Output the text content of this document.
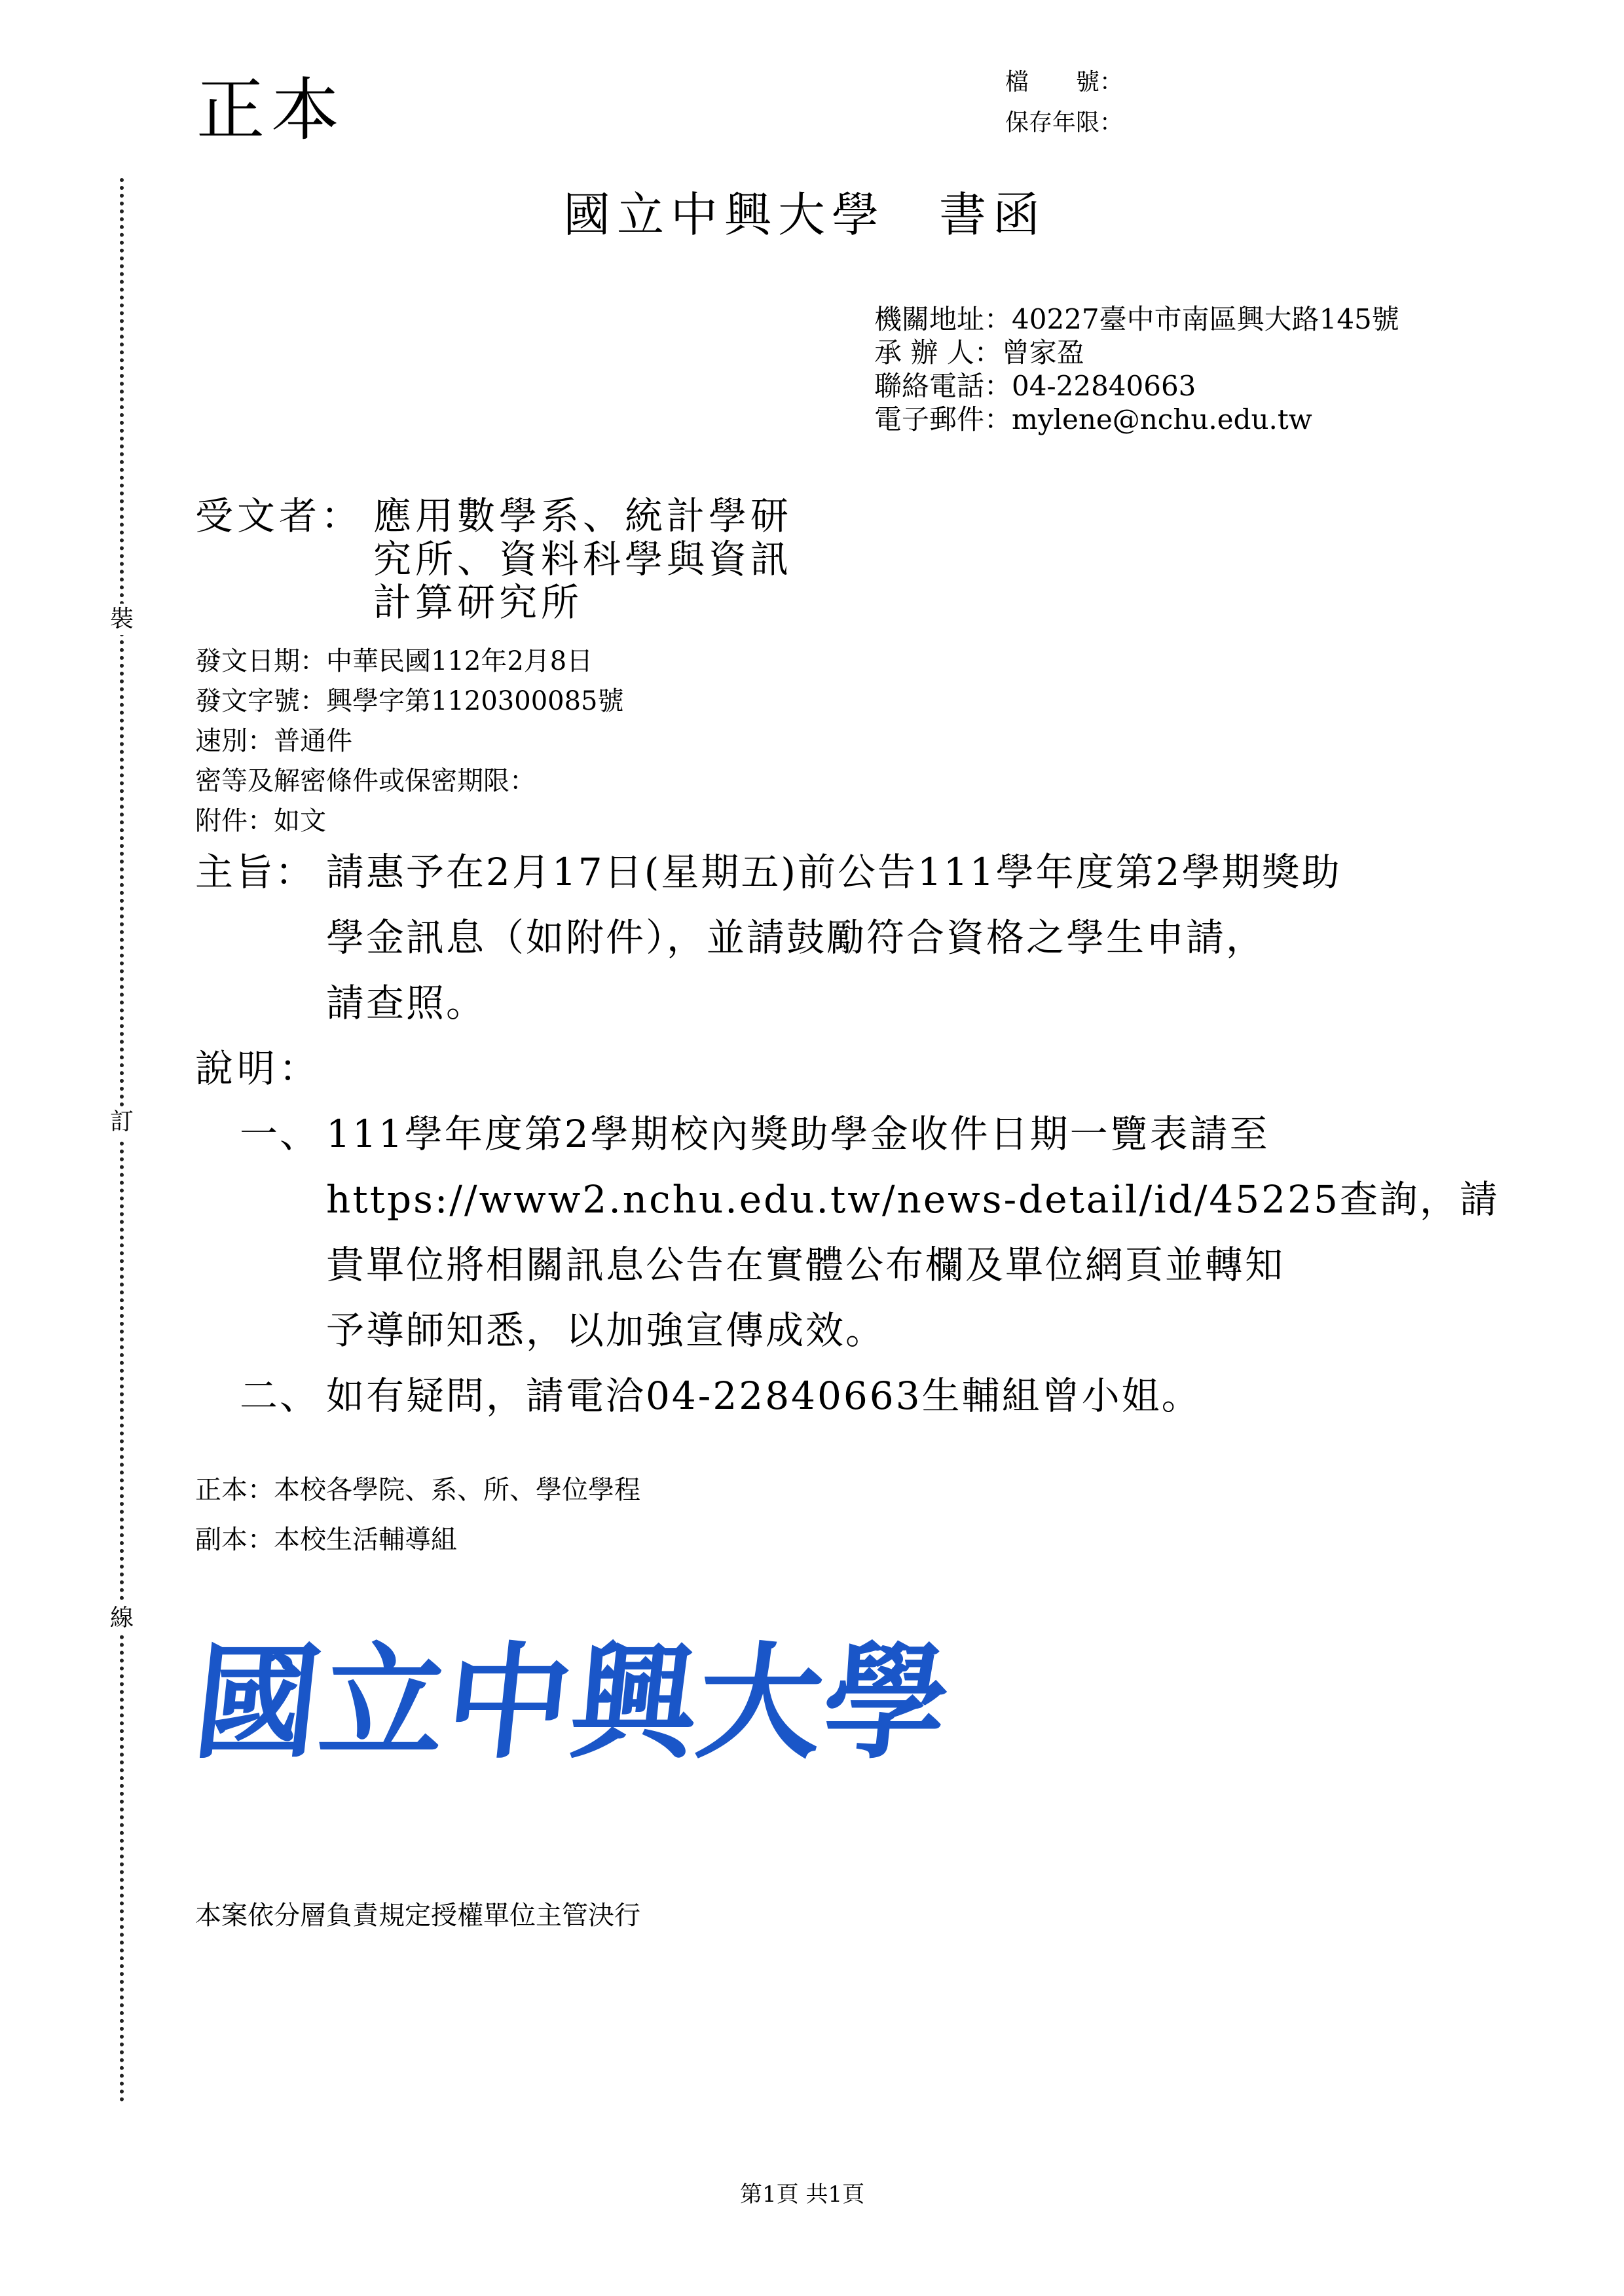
裝
訂
線
正本	檔　　號：
保存年限：
國立中興大學　書函
機關地址：40227臺中市南區興大路145號
承 辦 人：曾家盈
聯絡電話：04-22840663
電子郵件：mylene@nchu.edu.tw
受文者： 應用數學系、統計學研
究所、資料科學與資訊
計算研究所
發文日期：中華民國112年2月8日
發文字號：興學字第1120300085號
速別：普通件
密等及解密條件或保密期限：
附件：如文
主旨： 請惠予在2月17日(星期五)前公告111學年度第2學期獎助
學金訊息（如附件），並請鼓勵符合資格之學生申請，
請查照。
說明：
一、 111學年度第2學期校內獎助學金收件日期一覽表請至
https://www2.nchu.edu.tw/news-detail/id/45225查詢，請
貴單位將相關訊息公告在實體公布欄及單位網頁並轉知
予導師知悉，以加強宣傳成效。
二、 如有疑問，請電洽04-22840663生輔組曾小姐。
正本：本校各學院、系、所、學位學程
副本：本校生活輔導組
國立中興大學
本案依分層負責規定授權單位主管決行
第1頁 共1頁
